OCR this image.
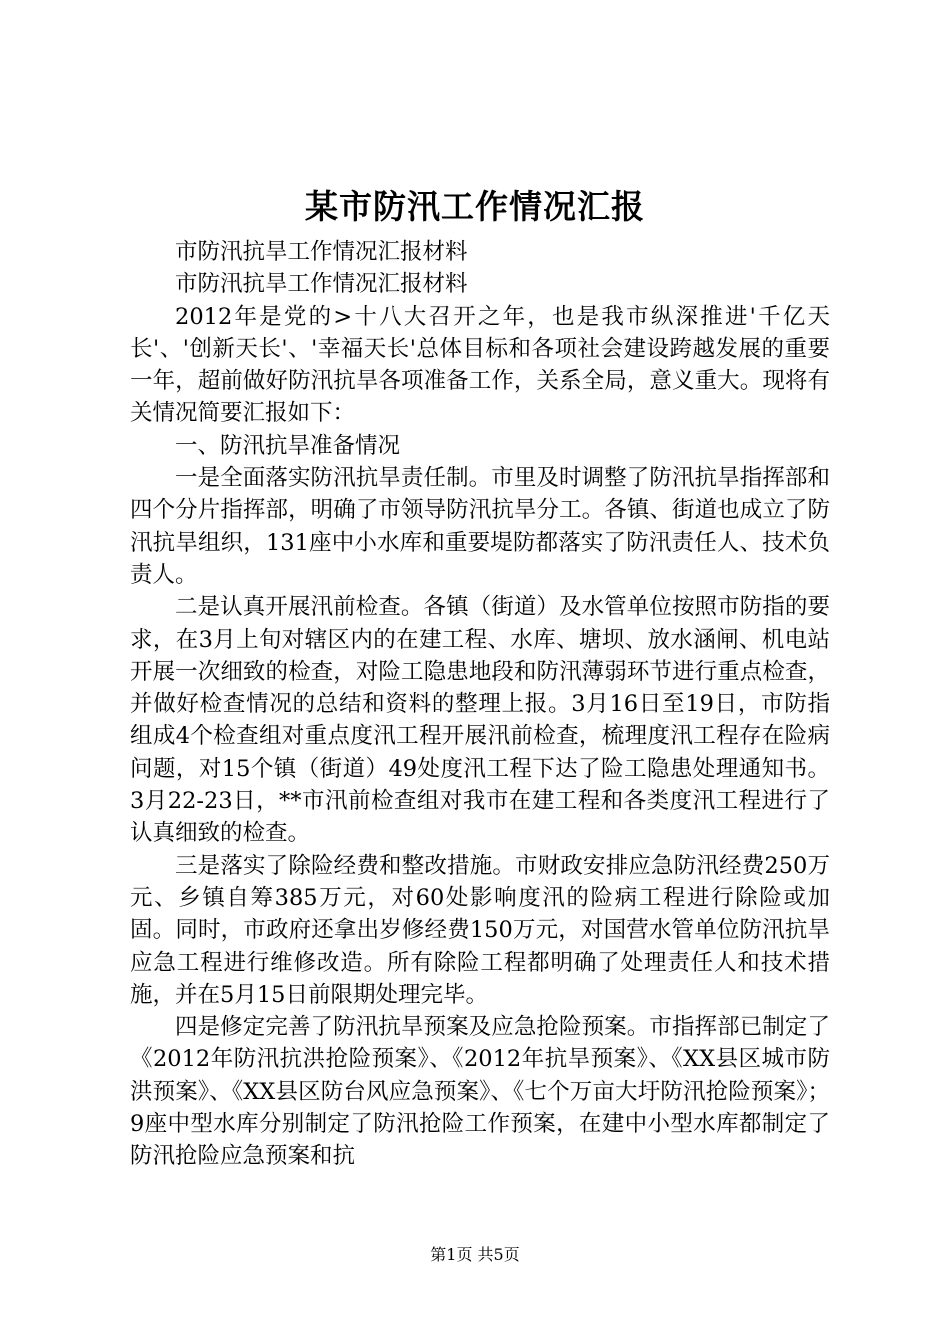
某市防汛工作情况汇报

市防汛抗旱工作情况汇报材料

市防汛抗旱工作情况汇报材料

2012年是党的>十八大召开之年，也是我市纵深推进'千亿天长'、'创新天长'、'幸福天长'总体目标和各项社会建设跨越发展的重要一年，超前做好防汛抗旱各项准备工作，关系全局，意义重大。现将有关情况简要汇报如下：

一、防汛抗旱准备情况

一是全面落实防汛抗旱责任制。市里及时调整了防汛抗旱指挥部和四个分片指挥部，明确了市领导防汛抗旱分工。各镇、街道也成立了防汛抗旱组织，131座中小水库和重要堤防都落实了防汛责任人、技术负责人。

二是认真开展汛前检查。各镇（街道）及水管单位按照市防指的要求，在3月上旬对辖区内的在建工程、水库、塘坝、放水涵闸、机电站开展一次细致的检查，对险工隐患地段和防汛薄弱环节进行重点检查，并做好检查情况的总结和资料的整理上报。3月16日至19日，市防指组成4个检查组对重点度汛工程开展汛前检查，梳理度汛工程存在险病问题，对15个镇（街道）49处度汛工程下达了险工隐患处理通知书。3月22-23日，**市汛前检查组对我市在建工程和各类度汛工程进行了认真细致的检查。

三是落实了除险经费和整改措施。市财政安排应急防汛经费250万元、乡镇自筹385万元，对60处影响度汛的险病工程进行除险或加固。同时，市政府还拿出岁修经费150万元，对国营水管单位防汛抗旱应急工程进行维修改造。所有除险工程都明确了处理责任人和技术措施，并在5月15日前限期处理完毕。

四是修定完善了防汛抗旱预案及应急抢险预案。市指挥部已制定了《2012年防汛抗洪抢险预案》、《2012年抗旱预案》、《XX县区城市防洪预案》、《XX县区防台风应急预案》、《七个万亩大圩防汛抢险预案》；9座中型水库分别制定了防汛抢险工作预案，在建中小型水库都制定了防汛抢险应急预案和抗

第1页 共5页
